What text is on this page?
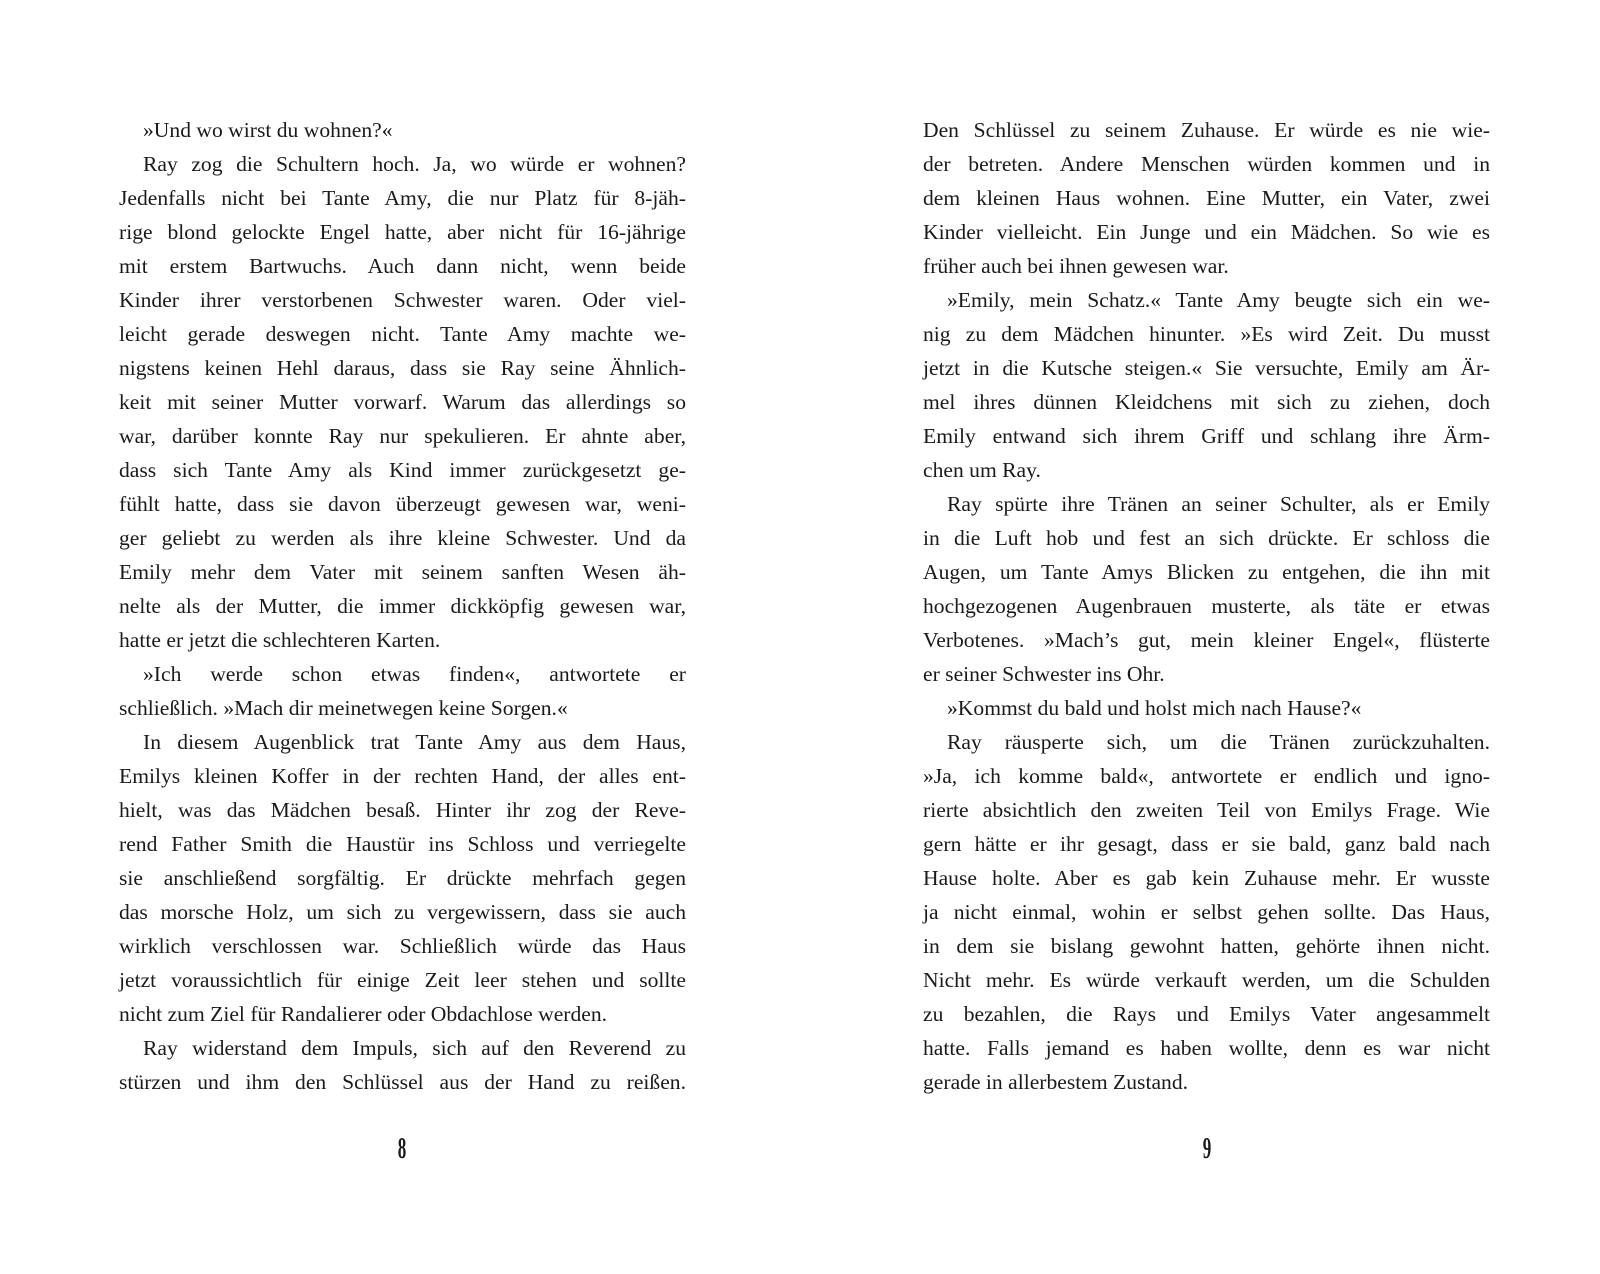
»Und wo wirst du wohnen?«
Ray zog die Schultern hoch. Ja, wo würde er wohnen?
Jedenfalls nicht bei Tante Amy, die nur Platz für 8-jäh-
rige blond gelockte Engel hatte, aber nicht für 16-jährige
mit erstem Bartwuchs. Auch dann nicht, wenn beide
Kinder ihrer verstorbenen Schwester waren. Oder viel-
leicht gerade deswegen nicht. Tante Amy machte we-
nigstens keinen Hehl daraus, dass sie Ray seine Ähnlich-
keit mit seiner Mutter vorwarf. Warum das allerdings so
war, darüber konnte Ray nur spekulieren. Er ahnte aber,
dass sich Tante Amy als Kind immer zurückgesetzt ge-
fühlt hatte, dass sie davon überzeugt gewesen war, weni-
ger geliebt zu werden als ihre kleine Schwester. Und da
Emily mehr dem Vater mit seinem sanften Wesen äh-
nelte als der Mutter, die immer dickköpfig gewesen war,
hatte er jetzt die schlechteren Karten.
»Ich werde schon etwas finden«, antwortete er
schließlich. »Mach dir meinetwegen keine Sorgen.«
In diesem Augenblick trat Tante Amy aus dem Haus,
Emilys kleinen Koffer in der rechten Hand, der alles ent-
hielt, was das Mädchen besaß. Hinter ihr zog der Reve-
rend Father Smith die Haustür ins Schloss und verriegelte
sie anschließend sorgfältig. Er drückte mehrfach gegen
das morsche Holz, um sich zu vergewissern, dass sie auch
wirklich verschlossen war. Schließlich würde das Haus
jetzt voraussichtlich für einige Zeit leer stehen und sollte
nicht zum Ziel für Randalierer oder Obdachlose werden.
Ray widerstand dem Impuls, sich auf den Reverend zu
stürzen und ihm den Schlüssel aus der Hand zu reißen.
Den Schlüssel zu seinem Zuhause. Er würde es nie wie-
der betreten. Andere Menschen würden kommen und in
dem kleinen Haus wohnen. Eine Mutter, ein Vater, zwei
Kinder vielleicht. Ein Junge und ein Mädchen. So wie es
früher auch bei ihnen gewesen war.
»Emily, mein Schatz.« Tante Amy beugte sich ein we-
nig zu dem Mädchen hinunter. »Es wird Zeit. Du musst
jetzt in die Kutsche steigen.« Sie versuchte, Emily am Är-
mel ihres dünnen Kleidchens mit sich zu ziehen, doch
Emily entwand sich ihrem Griff und schlang ihre Ärm-
chen um Ray.
Ray spürte ihre Tränen an seiner Schulter, als er Emily
in die Luft hob und fest an sich drückte. Er schloss die
Augen, um Tante Amys Blicken zu entgehen, die ihn mit
hochgezogenen Augenbrauen musterte, als täte er etwas
Verbotenes. »Mach’s gut, mein kleiner Engel«, flüsterte
er seiner Schwester ins Ohr.
»Kommst du bald und holst mich nach Hause?«
Ray räusperte sich, um die Tränen zurückzuhalten.
»Ja, ich komme bald«, antwortete er endlich und igno-
rierte absichtlich den zweiten Teil von Emilys Frage. Wie
gern hätte er ihr gesagt, dass er sie bald, ganz bald nach
Hause holte. Aber es gab kein Zuhause mehr. Er wusste
ja nicht einmal, wohin er selbst gehen sollte. Das Haus,
in dem sie bislang gewohnt hatten, gehörte ihnen nicht.
Nicht mehr. Es würde verkauft werden, um die Schulden
zu bezahlen, die Rays und Emilys Vater angesammelt
hatte. Falls jemand es haben wollte, denn es war nicht
gerade in allerbestem Zustand.
8	9
